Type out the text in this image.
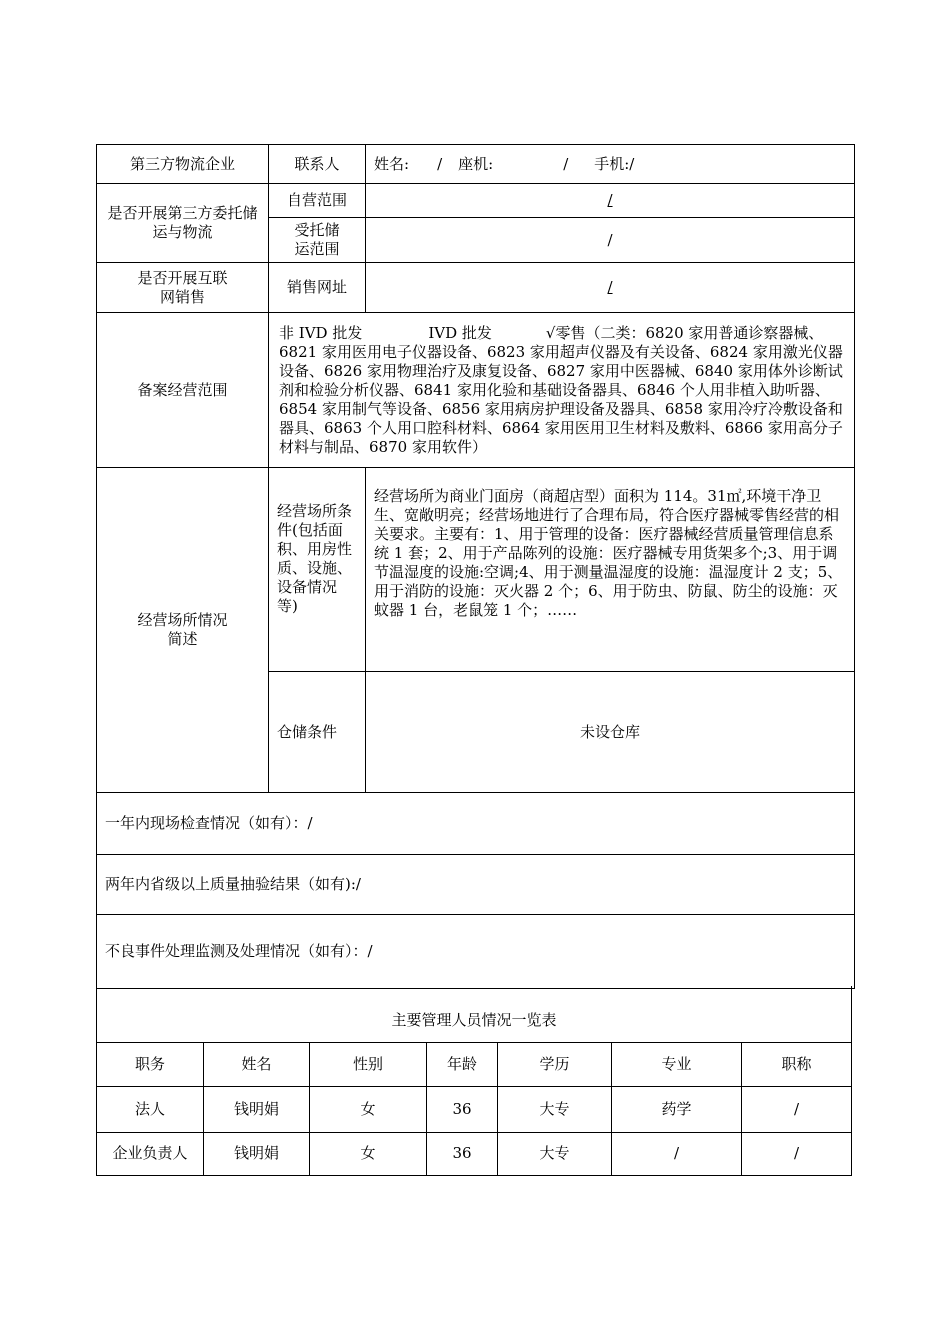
第三方物流企业	联系人	姓名: / 座机: / 手机:/
是否开展第三方委托储运与物流	自营范围	/
	受托储运范围	/
是否开展互联网销售	销售网址	/
备案经营范围	非 IVD 批发 IVD 批发 √零售（二类：6820 家用普通诊察器械、6821 家用医用电子仪器设备、6823 家用超声仪器及有关设备、6824 家用激光仪器设备、6826 家用物理治疗及康复设备、6827 家用中医器械、6840 家用体外诊断试剂和检验分析仪器、6841 家用化验和基础设备器具、6846 个人用非植入助听器、6854 家用制气等设备、6856 家用病房护理设备及器具、6858 家用冷疗冷敷设备和器具、6863 个人用口腔科材料、6864 家用医用卫生材料及敷料、6866 家用高分子材料与制品、6870 家用软件）	
经营场所情况简述	经营场所条件(包括面积、用房性质、设施、设备情况等)	经营场所为商业门面房（商超店型）面积为 114。31㎡,环境干净卫生、宽敞明亮；经营场地进行了合理布局，符合医疗器械零售经营的相关要求。主要有：1、用于管理的设备：医疗器械经营质量管理信息系统 1 套；2、用于产品陈列的设施：医疗器械专用货架多个;3、用于调节温湿度的设施:空调;4、用于测量温湿度的设施：温湿度计 2 支；5、用于消防的设施：灭火器 2 个；6、用于防虫、防鼠、防尘的设施：灭蚊器 1 台，老鼠笼 1 个；……
	仓储条件	未设仓库
一年内现场检查情况（如有）：/		
两年内省级以上质量抽验结果（如有):/		
不良事件处理监测及处理情况（如有）：/		
主要管理人员情况一览表						
职务	姓名	性别	年龄	学历	专业	职称
法人	钱明娟	女	36	大专	药学	/
企业负责人	钱明娟	女	36	大专	/	/
